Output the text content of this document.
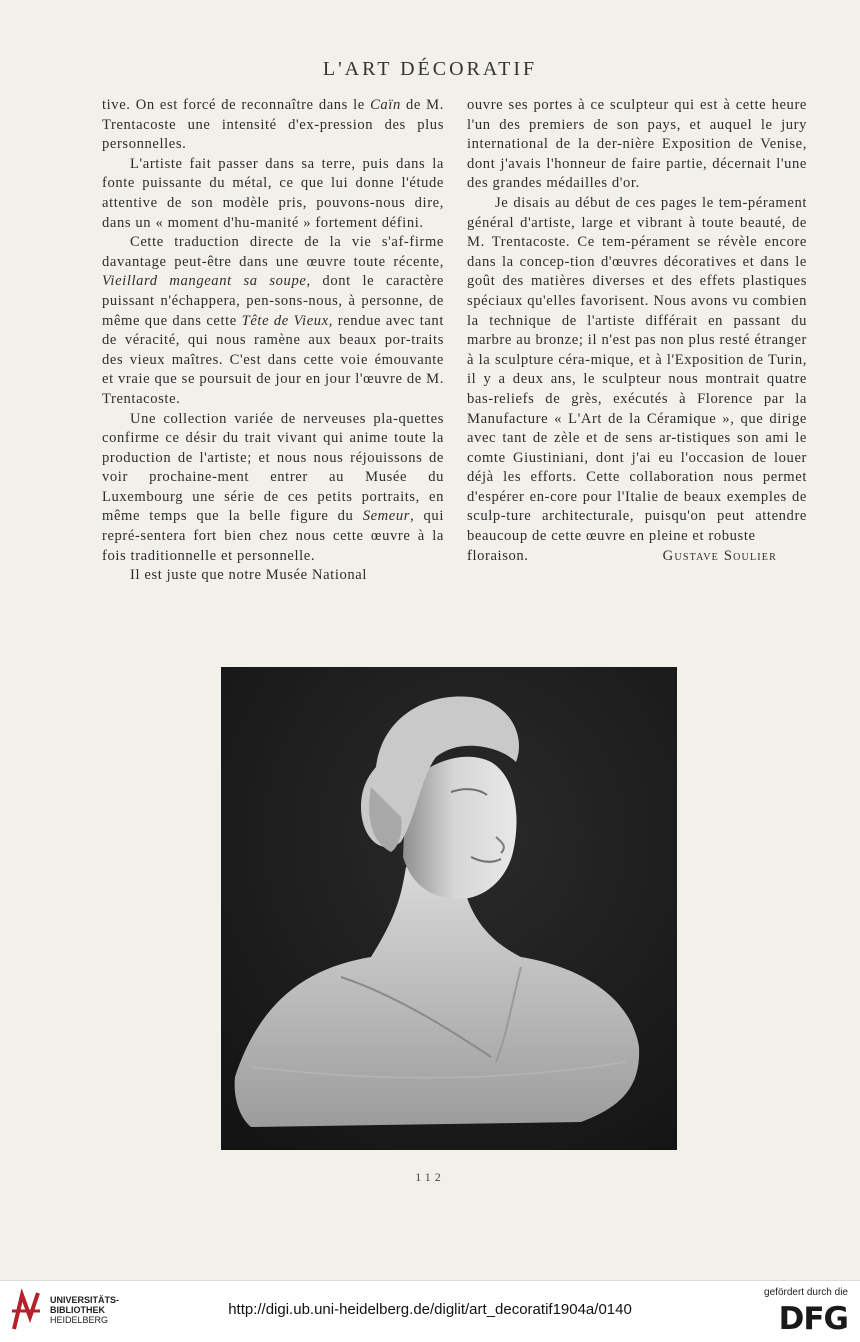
L'ART DÉCORATIF

tive. On est forcé de reconnaître dans le Caïn de M. Trentacoste une intensité d'ex-pression des plus personnelles.

L'artiste fait passer dans sa terre, puis dans la fonte puissante du métal, ce que lui donne l'étude attentive de son modèle pris, pouvons-nous dire, dans un « moment d'hu-manité » fortement défini.

Cette traduction directe de la vie s'af-firme davantage peut-être dans une œuvre toute récente, Vieillard mangeant sa soupe, dont le caractère puissant n'échappera, pen-sons-nous, à personne, de même que dans cette Tête de Vieux, rendue avec tant de véracité, qui nous ramène aux beaux por-traits des vieux maîtres. C'est dans cette voie émouvante et vraie que se poursuit de jour en jour l'œuvre de M. Trentacoste.

Une collection variée de nerveuses pla-quettes confirme ce désir du trait vivant qui anime toute la production de l'artiste; et nous nous réjouissons de voir prochaine-ment entrer au Musée du Luxembourg une série de ces petits portraits, en même temps que la belle figure du Semeur, qui repré-sentera fort bien chez nous cette œuvre à la fois traditionnelle et personnelle.

Il est juste que notre Musée National

ouvre ses portes à ce sculpteur qui est à cette heure l'un des premiers de son pays, et auquel le jury international de la der-nière Exposition de Venise, dont j'avais l'honneur de faire partie, décernait l'une des grandes médailles d'or.

Je disais au début de ces pages le tem-pérament général d'artiste, large et vibrant à toute beauté, de M. Trentacoste. Ce tem-pérament se révèle encore dans la concep-tion d'œuvres décoratives et dans le goût des matières diverses et des effets plastiques spéciaux qu'elles favorisent. Nous avons vu combien la technique de l'artiste différait en passant du marbre au bronze; il n'est pas non plus resté étranger à la sculpture céra-mique, et à l'Exposition de Turin, il y a deux ans, le sculpteur nous montrait quatre bas-reliefs de grès, exécutés à Florence par la Manufacture « L'Art de la Céramique », que dirige avec tant de zèle et de sens ar-tistiques son ami le comte Giustiniani, dont j'ai eu l'occasion de louer déjà les efforts. Cette collaboration nous permet d'espérer en-core pour l'Italie de beaux exemples de sculp-ture architecturale, puisqu'on peut attendre beaucoup de cette œuvre en pleine et robuste

floraison.	Gustave Soulier
112
UNIVERSITÄTS-
BIBLIOTHEK
HEIDELBERG
http://digi.ub.uni-heidelberg.de/diglit/art_decoratif1904a/0140
gefördert durch die
DFG
